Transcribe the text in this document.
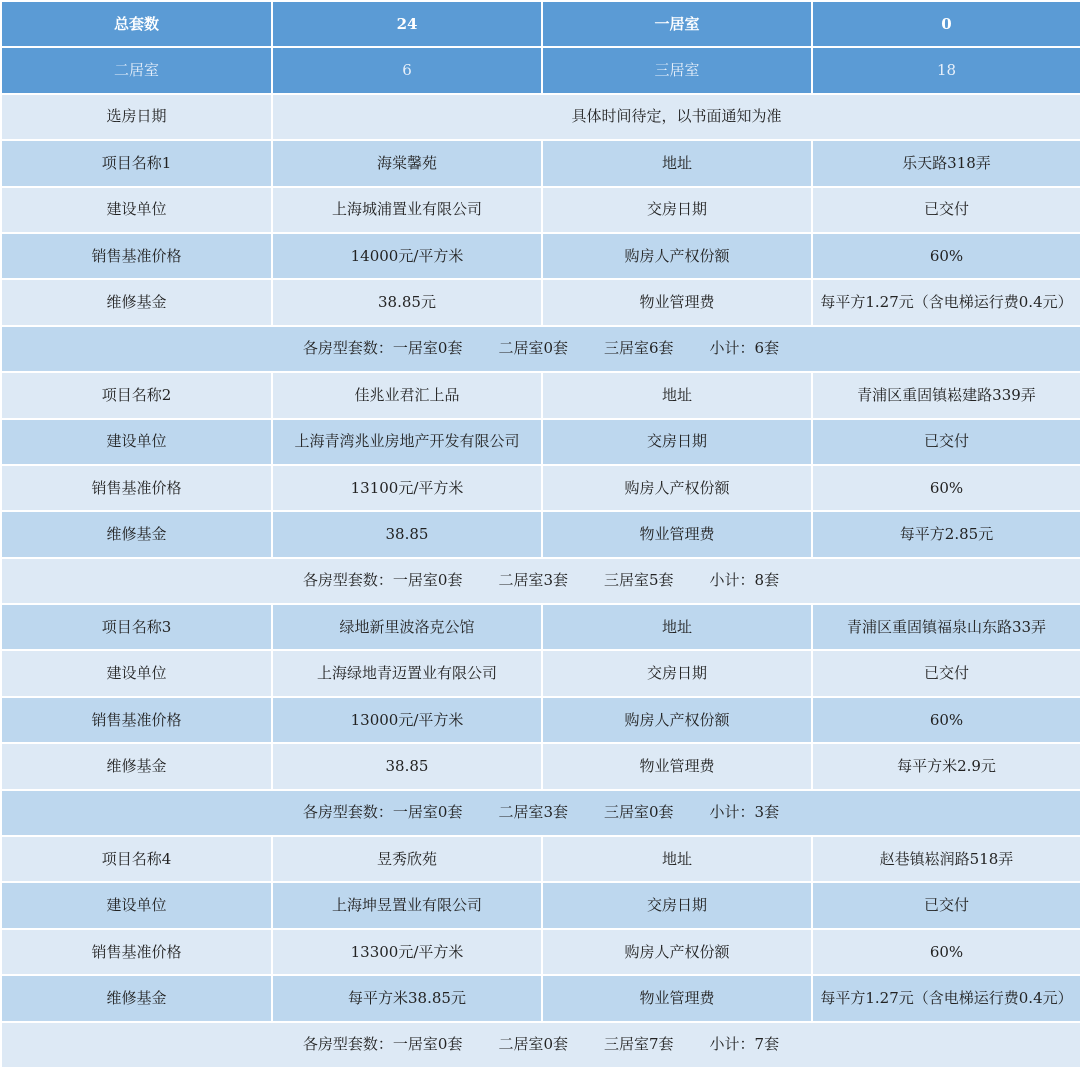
总套数	24	一居室	0
二居室	6	三居室	18
选房日期	具体时间待定，以书面通知为准		
项目名称1	海棠馨苑	地址	乐天路318弄
建设单位	上海城浦置业有限公司	交房日期	已交付
销售基准价格	14000元/平方米	购房人产权份额	60%
维修基金	38.85元	物业管理费	每平方1.27元（含电梯运行费0.4元）
各房型套数：一居室0套 二居室0套 三居室6套 小计：6套			
项目名称2	佳兆业君汇上品	地址	青浦区重固镇崧建路339弄
建设单位	上海青湾兆业房地产开发有限公司	交房日期	已交付
销售基准价格	13100元/平方米	购房人产权份额	60%
维修基金	38.85	物业管理费	每平方2.85元
各房型套数：一居室0套 二居室3套 三居室5套 小计：8套			
项目名称3	绿地新里波洛克公馆	地址	青浦区重固镇福泉山东路33弄
建设单位	上海绿地青迈置业有限公司	交房日期	已交付
销售基准价格	13000元/平方米	购房人产权份额	60%
维修基金	38.85	物业管理费	每平方米2.9元
各房型套数：一居室0套 二居室3套 三居室0套 小计：3套			
项目名称4	昱秀欣苑	地址	赵巷镇崧润路518弄
建设单位	上海坤昱置业有限公司	交房日期	已交付
销售基准价格	13300元/平方米	购房人产权份额	60%
维修基金	每平方米38.85元	物业管理费	每平方1.27元（含电梯运行费0.4元）
各房型套数：一居室0套 二居室0套 三居室7套 小计：7套			
